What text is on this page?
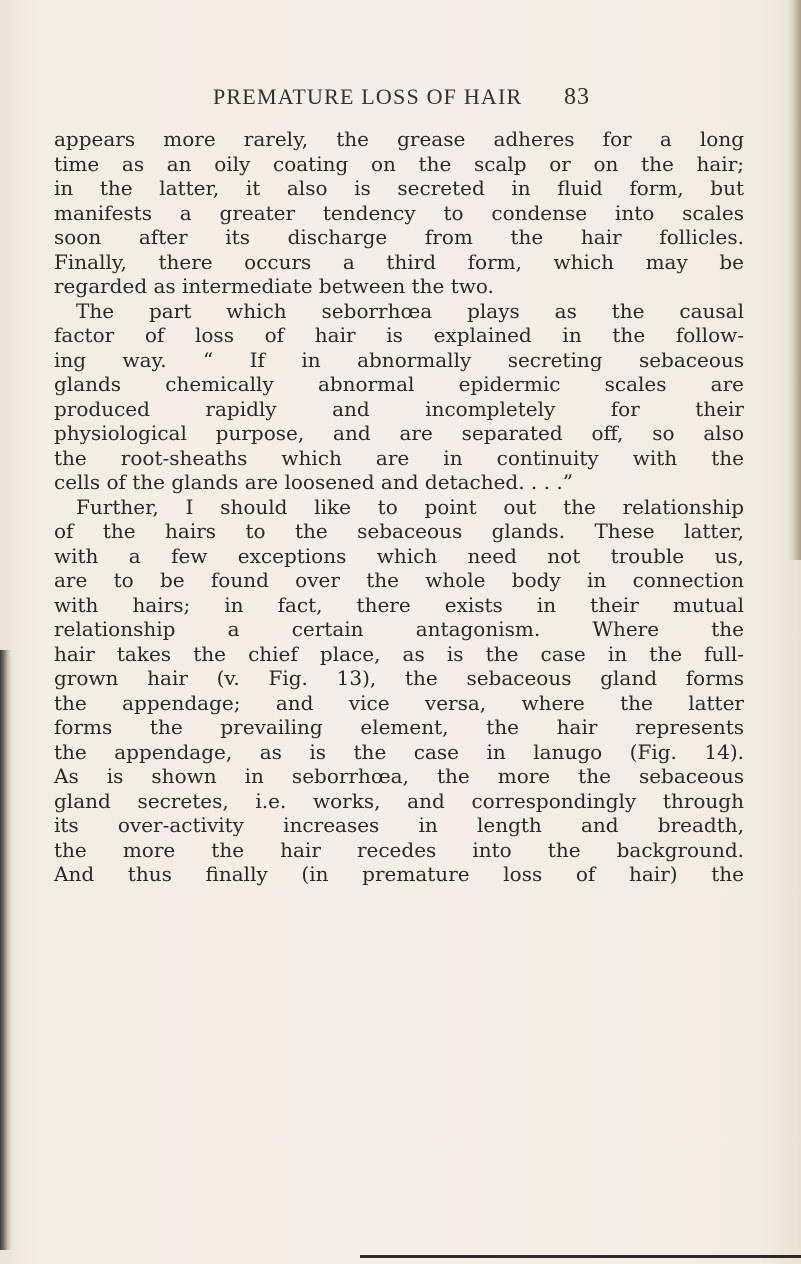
PREMATURE LOSS OF HAIR 83
appears more rarely, the grease adheres for a long
time as an oily coating on the scalp or on the hair;
in the latter, it also is secreted in fluid form, but
manifests a greater tendency to condense into scales
soon after its discharge from the hair follicles.
Finally, there occurs a third form, which may be
regarded as intermediate between the two.
The part which seborrhœa plays as the causal
factor of loss of hair is explained in the follow-
ing way. “ If in abnormally secreting sebaceous
glands chemically abnormal epidermic scales are
produced rapidly and incompletely for their
physiological purpose, and are separated off, so also
the root-sheaths which are in continuity with the
cells of the glands are loosened and detached. . . .”
Further, I should like to point out the relationship
of the hairs to the sebaceous glands. These latter,
with a few exceptions which need not trouble us,
are to be found over the whole body in connection
with hairs; in fact, there exists in their mutual
relationship a certain antagonism. Where the
hair takes the chief place, as is the case in the full-
grown hair (v. Fig. 13), the sebaceous gland forms
the appendage; and vice versa, where the latter
forms the prevailing element, the hair represents
the appendage, as is the case in lanugo (Fig. 14).
As is shown in seborrhœa, the more the sebaceous
gland secretes, i.e. works, and correspondingly through
its over-activity increases in length and breadth,
the more the hair recedes into the background.
And thus finally (in premature loss of hair) the
